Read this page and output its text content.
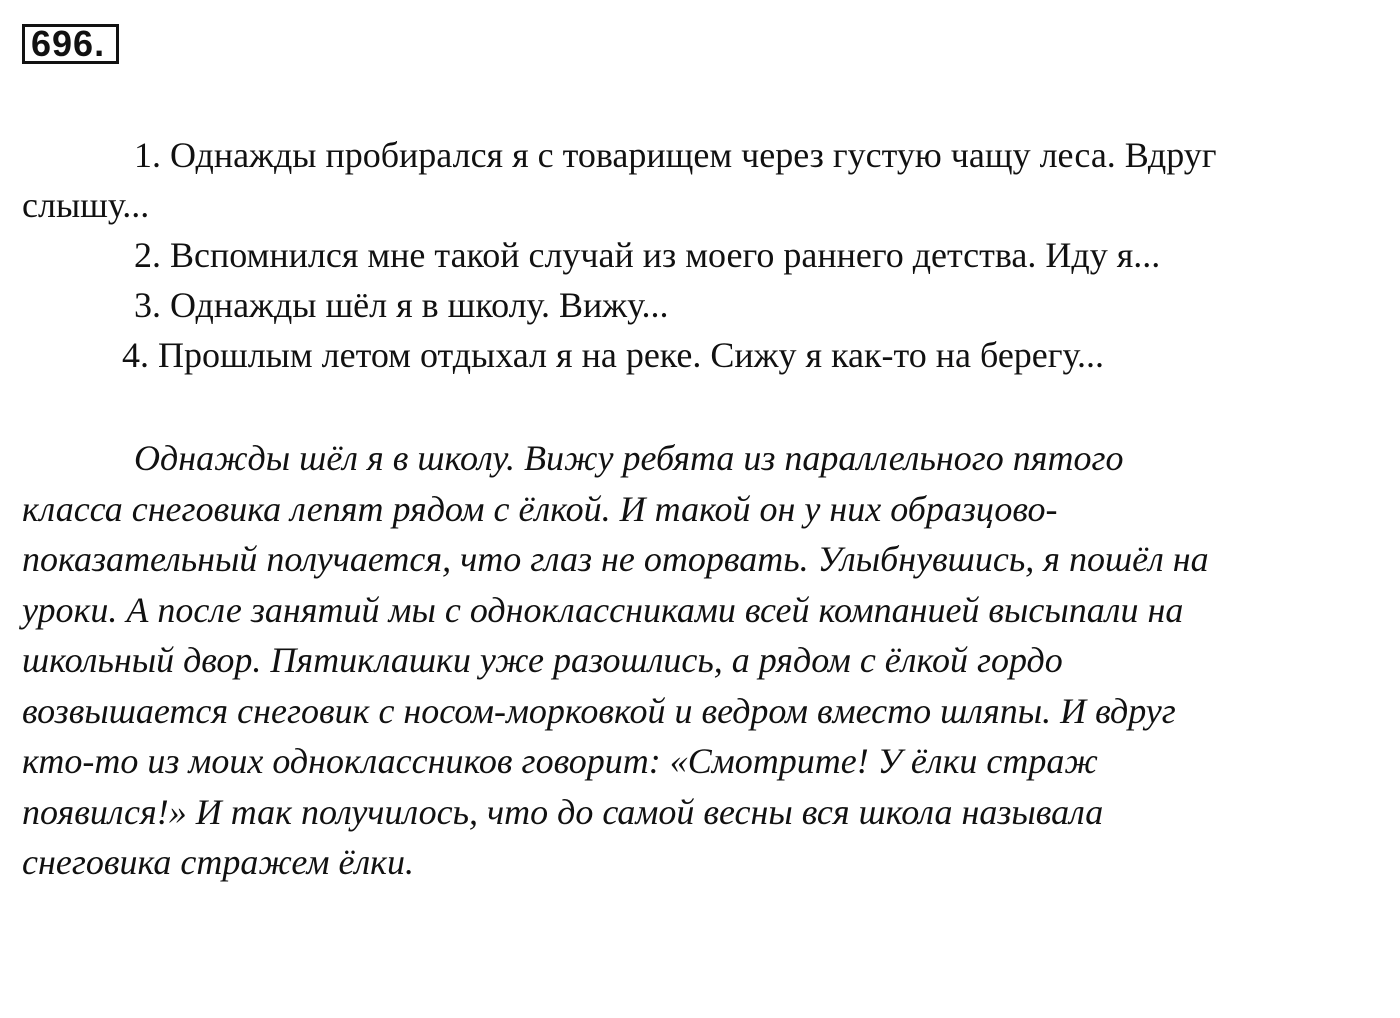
696.
1. Однажды пробирался я с товарищем через густую чащу леса. Вдруг
слышу...
2. Вспомнился мне такой случай из моего раннего детства. Иду я...
3. Однажды шёл я в школу. Вижу...
4. Прошлым летом отдыхал я на реке. Сижу я как-то на берегу...
Однажды шёл я в школу. Вижу ребята из параллельного пятого
класса снеговика лепят рядом с ёлкой. И такой он у них образцово-
показательный получается, что глаз не оторвать. Улыбнувшись, я пошёл на
уроки. А после занятий мы с одноклассниками всей компанией высыпали на
школьный двор. Пятиклашки уже разошлись, а рядом с ёлкой гордо
возвышается снеговик с носом-морковкой и ведром вместо шляпы. И вдруг
кто-то из моих одноклассников говорит: «Смотрите! У ёлки страж
появился!» И так получилось, что до самой весны вся школа называла
снеговика стражем ёлки.
